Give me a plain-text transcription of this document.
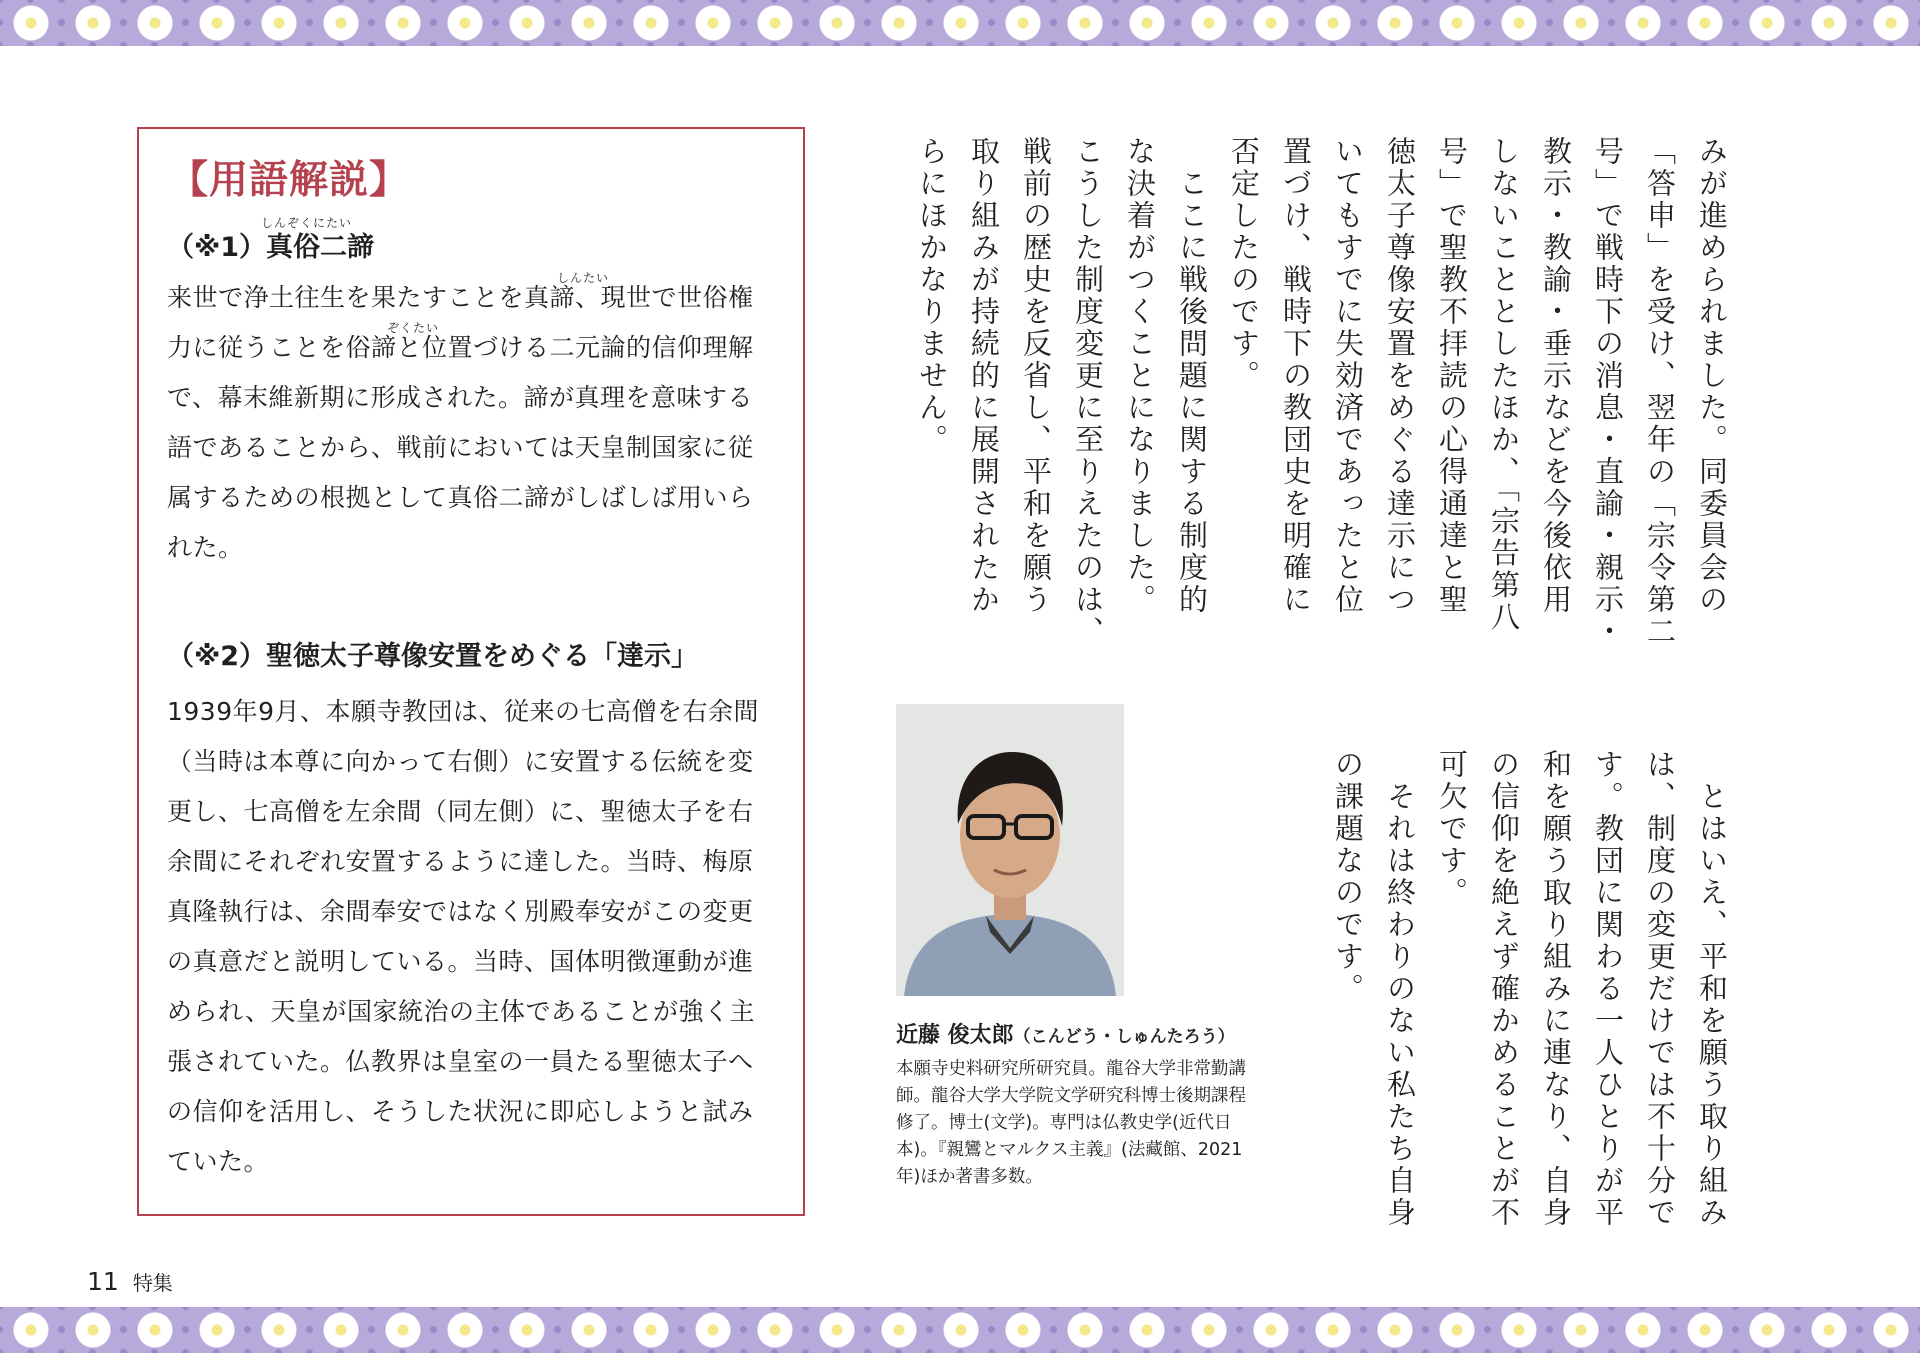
【用語解説】
しんぞくにたい
（※1）真俗二諦
しんたい
ぞくたい
来世で浄土往生を果たすことを真諦、現世で世俗権力に従うことを俗諦と位置づける二元論的信仰理解で、幕末維新期に形成された。諦が真理を意味する語であることから、戦前においては天皇制国家に従属するための根拠として真俗二諦がしばしば用いられた。
（※2）聖徳太子尊像安置をめぐる「達示」
1939年9月、本願寺教団は、従来の七高僧を右余間（当時は本尊に向かって右側）に安置する伝統を変更し、七高僧を左余間（同左側）に、聖徳太子を右余間にそれぞれ安置するように達した。当時、梅原真隆執行は、余間奉安ではなく別殿奉安がこの変更の真意だと説明している。当時、国体明徴運動が進められ、天皇が国家統治の主体であることが強く主張されていた。仏教界は皇室の一員たる聖徳太子への信仰を活用し、そうした状況に即応しようと試みていた。
みが進められました。同委員会の
「答申」を受け、翌年の「宗令第二
号」で戦時下の消息・直諭・親示・
教示・教諭・垂示などを今後依用
しないこととしたほか、「宗告第八
号」で聖教不拝読の心得通達と聖
徳太子尊像安置をめぐる達示につ
いてもすでに失効済であったと位
置づけ、戦時下の教団史を明確に
否定したのです。
　ここに戦後問題に関する制度的
な決着がつくことになりました。
こうした制度変更に至りえたのは、
戦前の歴史を反省し、平和を願う
取り組みが持続的に展開されたか
らにほかなりません。
　とはいえ、平和を願う取り組み
は、制度の変更だけでは不十分で
す。教団に関わる一人ひとりが平
和を願う取り組みに連なり、自身
の信仰を絶えず確かめることが不
可欠です。
　それは終わりのない私たち自身
の課題なのです。
近藤 俊太郎（こんどう・しゅんたろう）
本願寺史料研究所研究員。龍谷大学非常勤講師。龍谷大学大学院文学研究科博士後期課程修了。博士(文学)。専門は仏教史学(近代日本)。『親鸞とマルクス主義』(法藏館、2021年)ほか著書多数。
11 特集
